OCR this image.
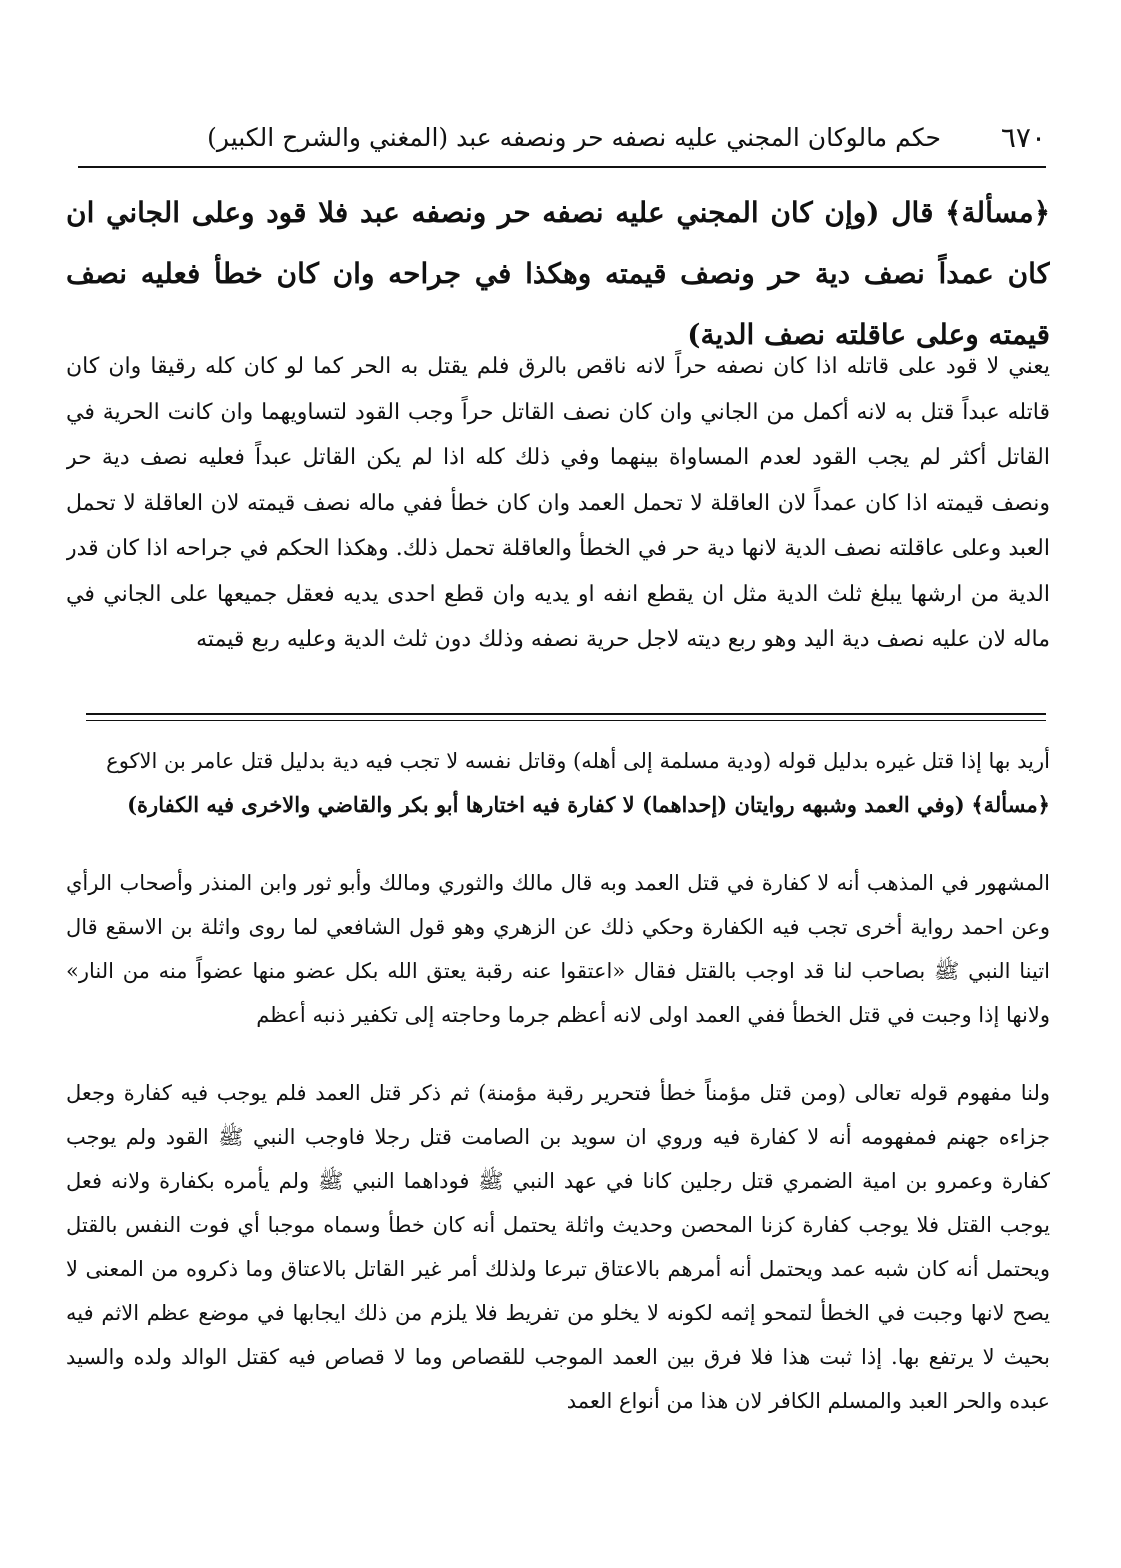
٦٧٠
حكم مالوكان المجني عليه نصفه حر ونصفه عبد (المغني والشرح الكبير)

﴿مسألة﴾ قال (وإن كان المجني عليه نصفه حر ونصفه عبد فلا قود وعلى الجاني ان كان عمداً نصف دية حر ونصف قيمته وهكذا في جراحه وان كان خطأ فعليه نصف قيمته وعلى عاقلته نصف الدية)

يعني لا قود على قاتله اذا كان نصفه حراً لانه ناقص بالرق فلم يقتل به الحر كما لو كان كله رقيقا وان كان قاتله عبداً قتل به لانه أكمل من الجاني وان كان نصف القاتل حراً وجب القود لتساويهما وان كانت الحرية في القاتل أكثر لم يجب القود لعدم المساواة بينهما وفي ذلك كله اذا لم يكن القاتل عبداً فعليه نصف دية حر ونصف قيمته اذا كان عمداً لان العاقلة لا تحمل العمد وان كان خطأ ففي ماله نصف قيمته لان العاقلة لا تحمل العبد وعلى عاقلته نصف الدية لانها دية حر في الخطأ والعاقلة تحمل ذلك. وهكذا الحكم في جراحه اذا كان قدر الدية من ارشها يبلغ ثلث الدية مثل ان يقطع انفه او يديه وان قطع احدى يديه فعقل جميعها على الجاني في ماله لان عليه نصف دية اليد وهو ربع ديته لاجل حرية نصفه وذلك دون ثلث الدية وعليه ربع قيمته

أريد بها إذا قتل غيره بدليل قوله (ودية مسلمة إلى أهله) وقاتل نفسه لا تجب فيه دية بدليل قتل عامر بن الاكوع
﴿مسألة﴾ (وفي العمد وشبهه روايتان (إحداهما) لا كفارة فيه اختارها أبو بكر والقاضي والاخرى فيه الكفارة)

المشهور في المذهب أنه لا كفارة في قتل العمد وبه قال مالك والثوري ومالك وأبو ثور وابن المنذر وأصحاب الرأي وعن احمد رواية أخرى تجب فيه الكفارة وحكي ذلك عن الزهري وهو قول الشافعي لما روى واثلة بن الاسقع قال اتينا النبي ﷺ بصاحب لنا قد اوجب بالقتل فقال «اعتقوا عنه رقبة يعتق الله بكل عضو منها عضواً منه من النار» ولانها إذا وجبت في قتل الخطأ ففي العمد اولى لانه أعظم جرما وحاجته إلى تكفير ذنبه أعظم

ولنا مفهوم قوله تعالى (ومن قتل مؤمناً خطأ فتحرير رقبة مؤمنة) ثم ذكر قتل العمد فلم يوجب فيه كفارة وجعل جزاءه جهنم فمفهومه أنه لا كفارة فيه وروي ان سويد بن الصامت قتل رجلا فاوجب النبي ﷺ القود ولم يوجب كفارة وعمرو بن امية الضمري قتل رجلين كانا في عهد النبي ﷺ فوداهما النبي ﷺ ولم يأمره بكفارة ولانه فعل يوجب القتل فلا يوجب كفارة كزنا المحصن وحديث واثلة يحتمل أنه كان خطأ وسماه موجبا أي فوت النفس بالقتل ويحتمل أنه كان شبه عمد ويحتمل أنه أمرهم بالاعتاق تبرعا ولذلك أمر غير القاتل بالاعتاق وما ذكروه من المعنى لا يصح لانها وجبت في الخطأ لتمحو إثمه لكونه لا يخلو من تفريط فلا يلزم من ذلك ايجابها في موضع عظم الاثم فيه بحيث لا يرتفع بها. إذا ثبت هذا فلا فرق بين العمد الموجب للقصاص وما لا قصاص فيه كقتل الوالد ولده والسيد عبده والحر العبد والمسلم الكافر لان هذا من أنواع العمد
